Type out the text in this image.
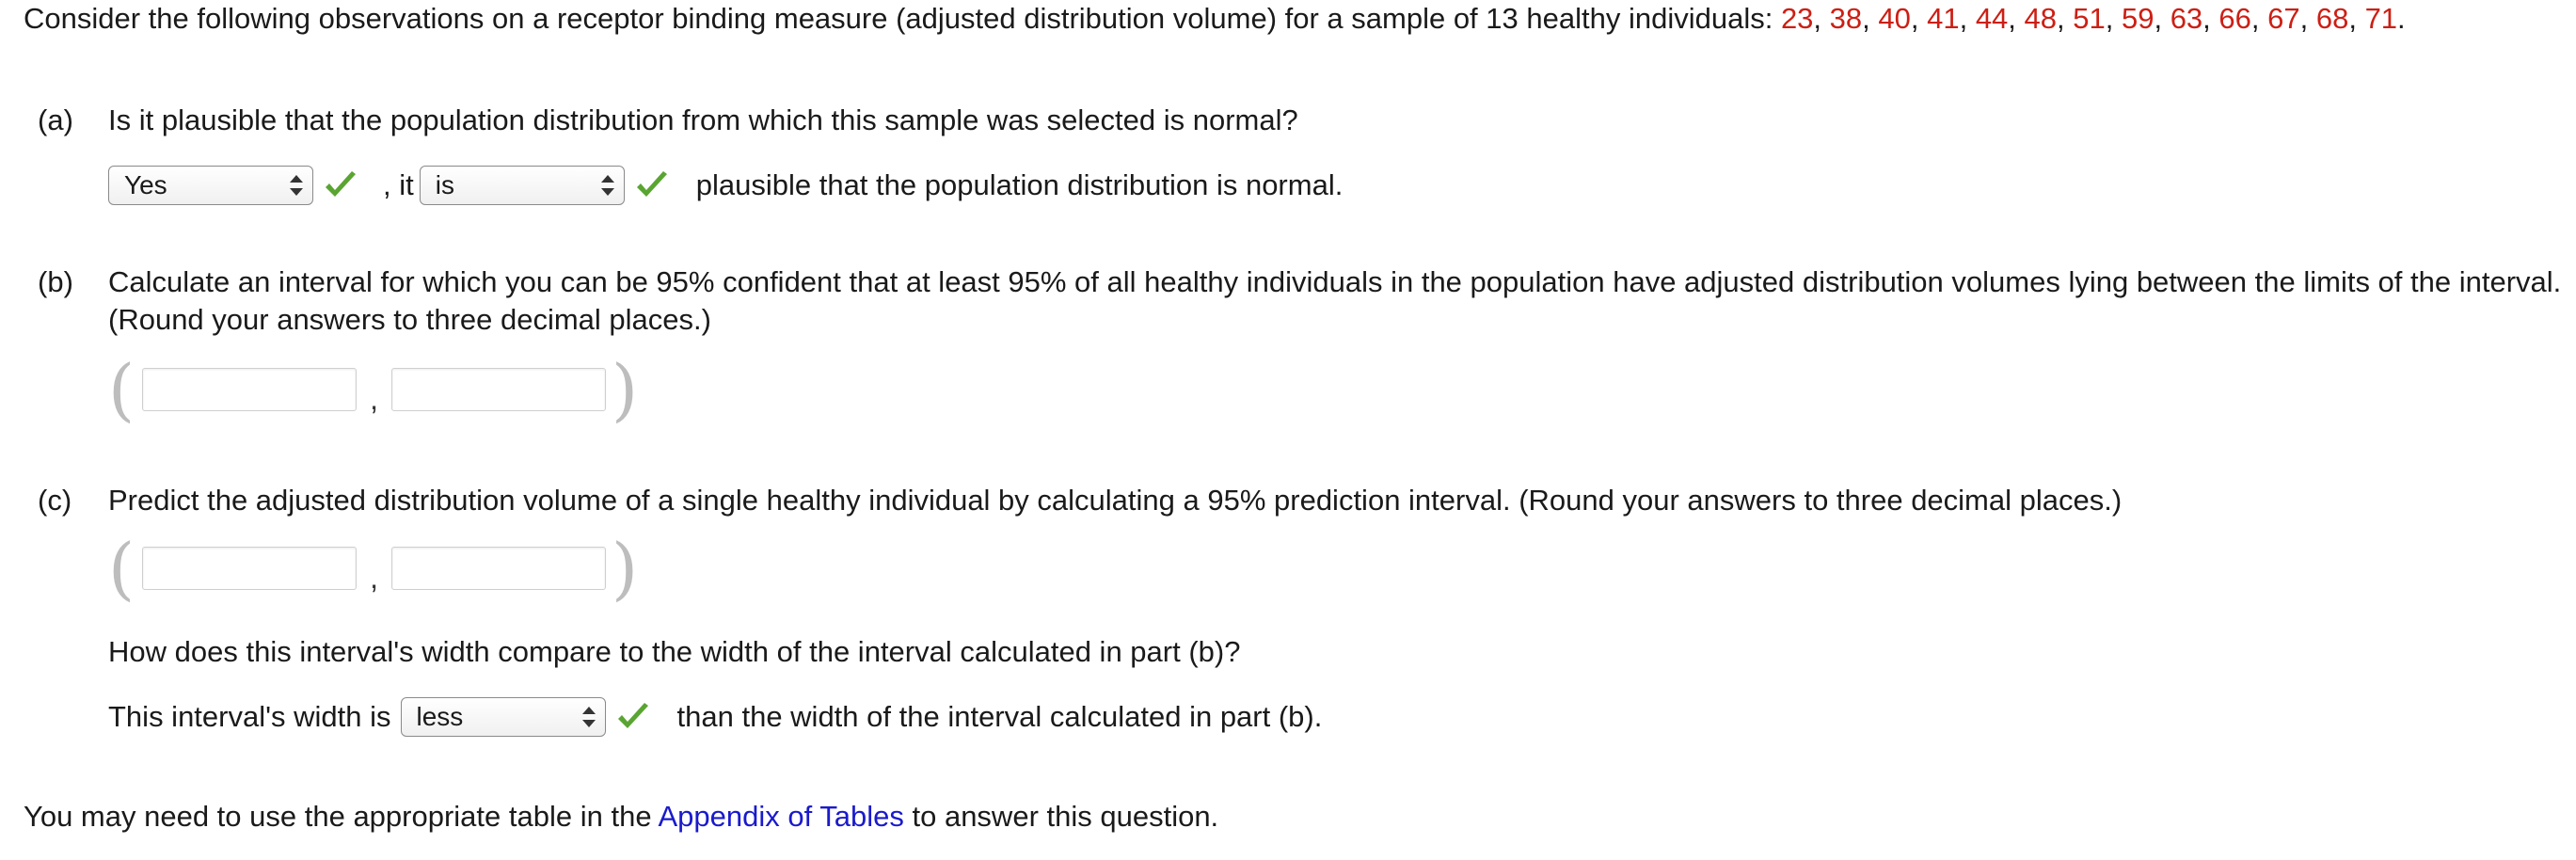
Consider the following observations on a receptor binding measure (adjusted distribution volume) for a sample of 13 healthy individuals: 23, 38, 40, 41, 44, 48, 51, 59, 63, 66, 67, 68, 71.
(a) Is it plausible that the population distribution from which this sample was selected is normal?
Yes	, it is	plausible that the population distribution is normal.
(b) Calculate an interval for which you can be 95% confident that at least 95% of all healthy individuals in the population have adjusted distribution volumes lying between the limits of the interval. (Round your answers to three decimal places.)
(	,	)
(c) Predict the adjusted distribution volume of a single healthy individual by calculating a 95% prediction interval. (Round your answers to three decimal places.)
(	,	)
How does this interval's width compare to the width of the interval calculated in part (b)?
This interval's width is less	than the width of the interval calculated in part (b).
You may need to use the appropriate table in the Appendix of Tables to answer this question.
